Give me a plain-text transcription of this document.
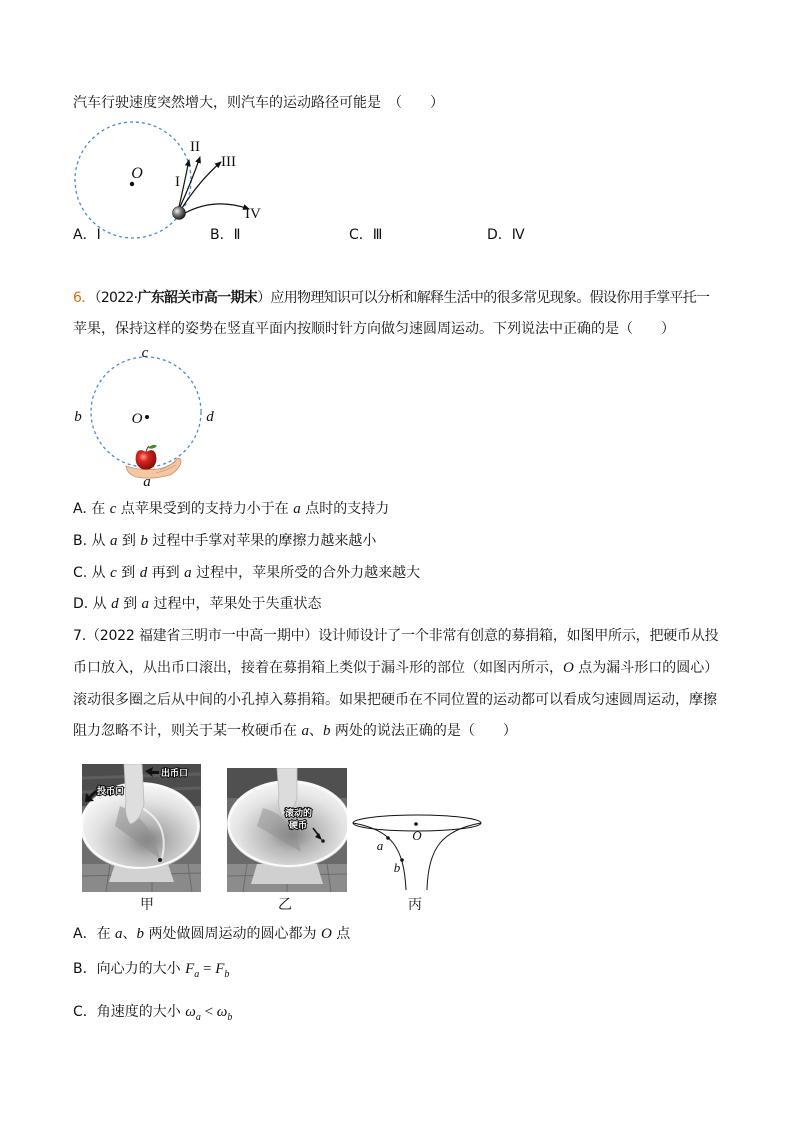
汽车行驶速度突然增大，则汽车的运动路径可能是　（　　）
O I
II
III
IV
A．Ⅰ	B．Ⅱ	C．Ⅲ	D．Ⅳ
6．（2022·广东韶关市高一期末）应用物理知识可以分析和解释生活中的很多常见现象。假设你用手掌平托一
苹果，保持这样的姿势在竖直平面内按顺时针方向做匀速圆周运动。下列说法中正确的是（　　）
c
b	d
O
a
A. 在 c 点苹果受到的支持力小于在 a 点时的支持力
B. 从 a 到 b 过程中手掌对苹果的摩擦力越来越小
C. 从 c 到 d 再到 a 过程中，苹果所受的合外力越来越大
D. 从 d 到 a 过程中，苹果处于失重状态
7.（2022 福建省三明市一中高一期中）设计师设计了一个非常有创意的募捐箱，如图甲所示，把硬币从投
币口放入，从出币口滚出，接着在募捐箱上类似于漏斗形的部位（如图丙所示，O 点为漏斗形口的圆心）
滚动很多圈之后从中间的小孔掉入募捐箱。如果把硬币在不同位置的运动都可以看成匀速圆周运动，摩擦
阻力忽略不计，则关于某一枚硬币在 a、b 两处的说法正确的是（　　）
出币口
投币口
滚动的
硬币
O
a
b
甲	乙	丙
A．在 a、b 两处做圆周运动的圆心都为 O 点
B．向心力的大小 $F_a = F_b$
C．角速度的大小 $\omega_a < \omega_b$
